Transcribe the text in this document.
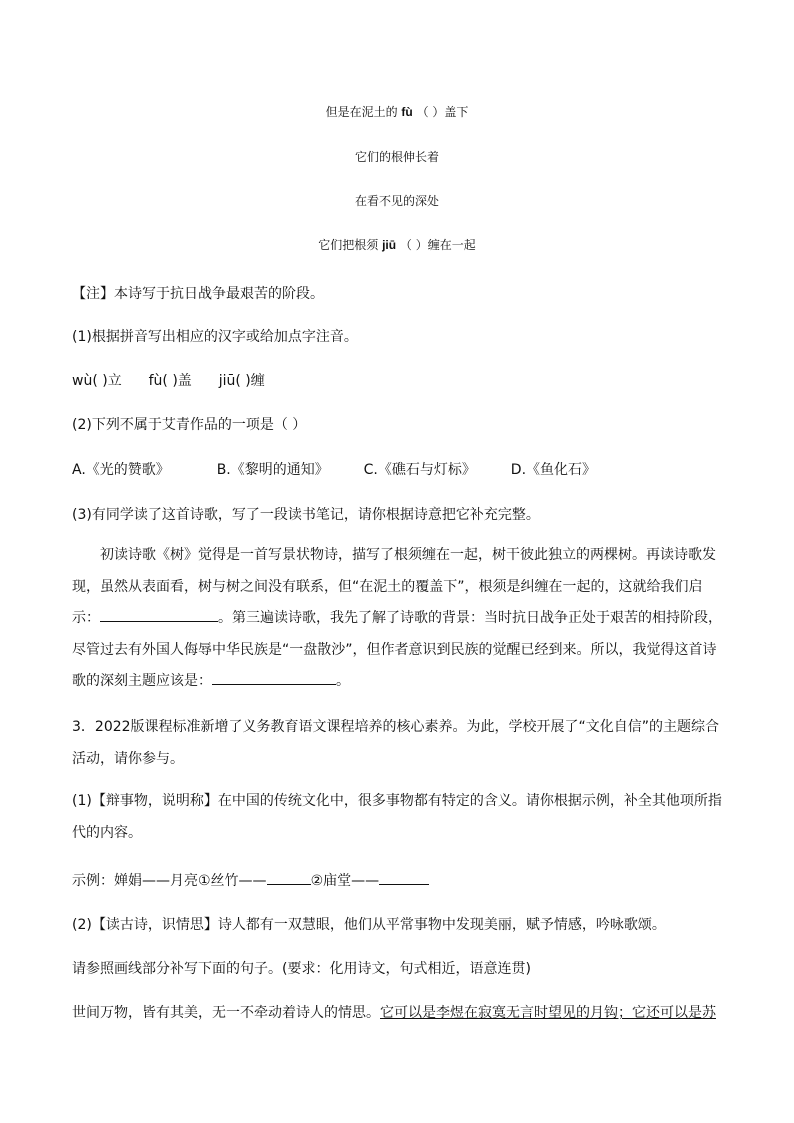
但是在泥土的 fù （ ）盖下
它们的根伸长着
在看不见的深处
它们把根须 jiū （ ）缠在一起
【注】本诗写于抗日战争最艰苦的阶段。
(1)根据拼音写出相应的汉字或给加点字注音。
wù( )立 fù( )盖 jiū( )缠
(2)下列不属于艾青作品的一项是（ ）
A.《光的赞歌》	B.《黎明的通知》 C.《礁石与灯标》 D.《鱼化石》
(3)有同学读了这首诗歌，写了一段读书笔记，请你根据诗意把它补充完整。
初读诗歌《树》觉得是一首写景状物诗，描写了根须缠在一起，树干彼此独立的两棵树。再读诗歌发现，虽然从表面看，树与树之间没有联系，但“在泥土的覆盖下”，根须是纠缠在一起的，这就给我们启示：	。第三遍读诗歌，我先了解了诗歌的背景：当时抗日战争正处于艰苦的相持阶段，尽管过去有外国人侮辱中华民族是“一盘散沙”，但作者意识到民族的觉醒已经到来。所以，我觉得这首诗歌的深刻主题应该是：	。
3．2022版课程标准新增了义务教育语文课程培养的核心素养。为此，学校开展了“文化自信”的主题综合活动，请你参与。
(1)【辩事物，说明称】在中国的传统文化中，很多事物都有特定的含义。请你根据示例，补全其他项所指代的内容。
示例：婵娟——月亮①丝竹——	②庙堂——
(2)【读古诗，识情思】诗人都有一双慧眼，他们从平常事物中发现美丽，赋予情感，吟咏歌颂。
请参照画线部分补写下面的句子。(要求：化用诗文，句式相近，语意连贯)
世间万物，皆有其美，无一不牵动着诗人的情思。它可以是李煜在寂寞无言时望见的月钩；它还可以是苏
